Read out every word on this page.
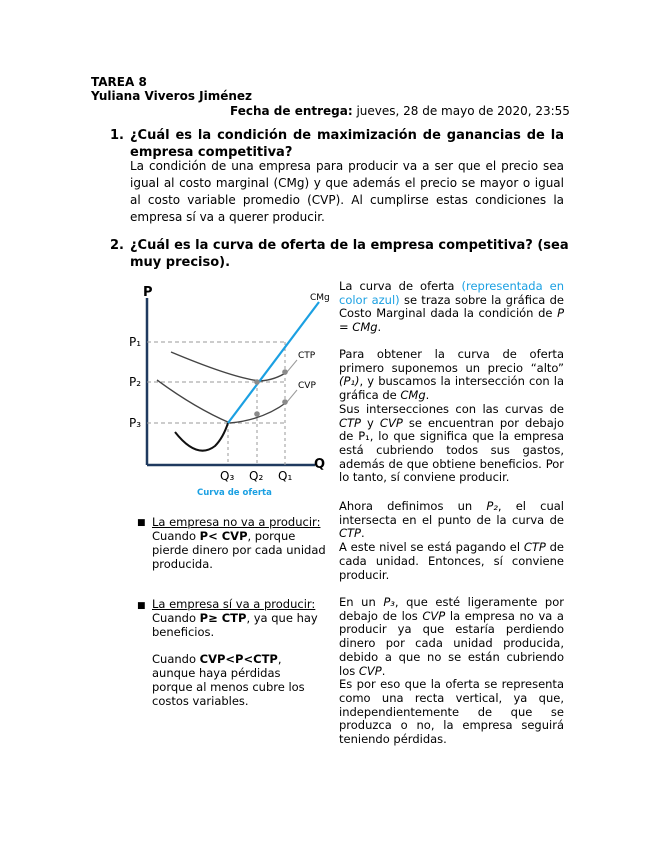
TAREA 8
Yuliana Viveros Jiménez
Fecha de entrega: jueves, 28 de mayo de 2020, 23:55
1. ¿Cuál es la condición de maximización de ganancias de la empresa competitiva?
La condición de una empresa para producir va a ser que el precio sea igual al costo marginal (CMg) y que además el precio se mayor o igual al costo variable promedio (CVP). Al cumplirse estas condiciones la empresa sí va a querer producir.
2. ¿Cuál es la curva de oferta de la empresa competitiva? (sea muy preciso).
P
Q
CMg
CTP
CVP
P₁
P₂
P₃
Q₃ Q₂ Q₁
Curva de oferta
■ La empresa no va a producir:
Cuando P< CVP, porque pierde dinero por cada unidad producida.
■ La empresa sí va a producir:
Cuando P≥ CTP, ya que hay beneficios.
Cuando CVP<P<CTP, aunque haya pérdidas porque al menos cubre los costos variables.
La curva de oferta (representada en color azul) se traza sobre la gráfica de Costo Marginal dada la condición de P = CMg.
Para obtener la curva de oferta primero suponemos un precio “alto” (P₁), y buscamos la intersección con la gráfica de CMg.
Sus intersecciones con las curvas de CTP y CVP se encuentran por debajo de P₁, lo que significa que la empresa está cubriendo todos sus gastos, además de que obtiene beneficios. Por lo tanto, sí conviene producir.
Ahora definimos un P₂, el cual intersecta en el punto de la curva de CTP.
A este nivel se está pagando el CTP de cada unidad. Entonces, sí conviene producir.
En un P₃, que esté ligeramente por debajo de los CVP la empresa no va a producir ya que estaría perdiendo dinero por cada unidad producida, debido a que no se están cubriendo los CVP.
Es por eso que la oferta se representa como una recta vertical, ya que, independientemente de que se produzca o no, la empresa seguirá teniendo pérdidas.
